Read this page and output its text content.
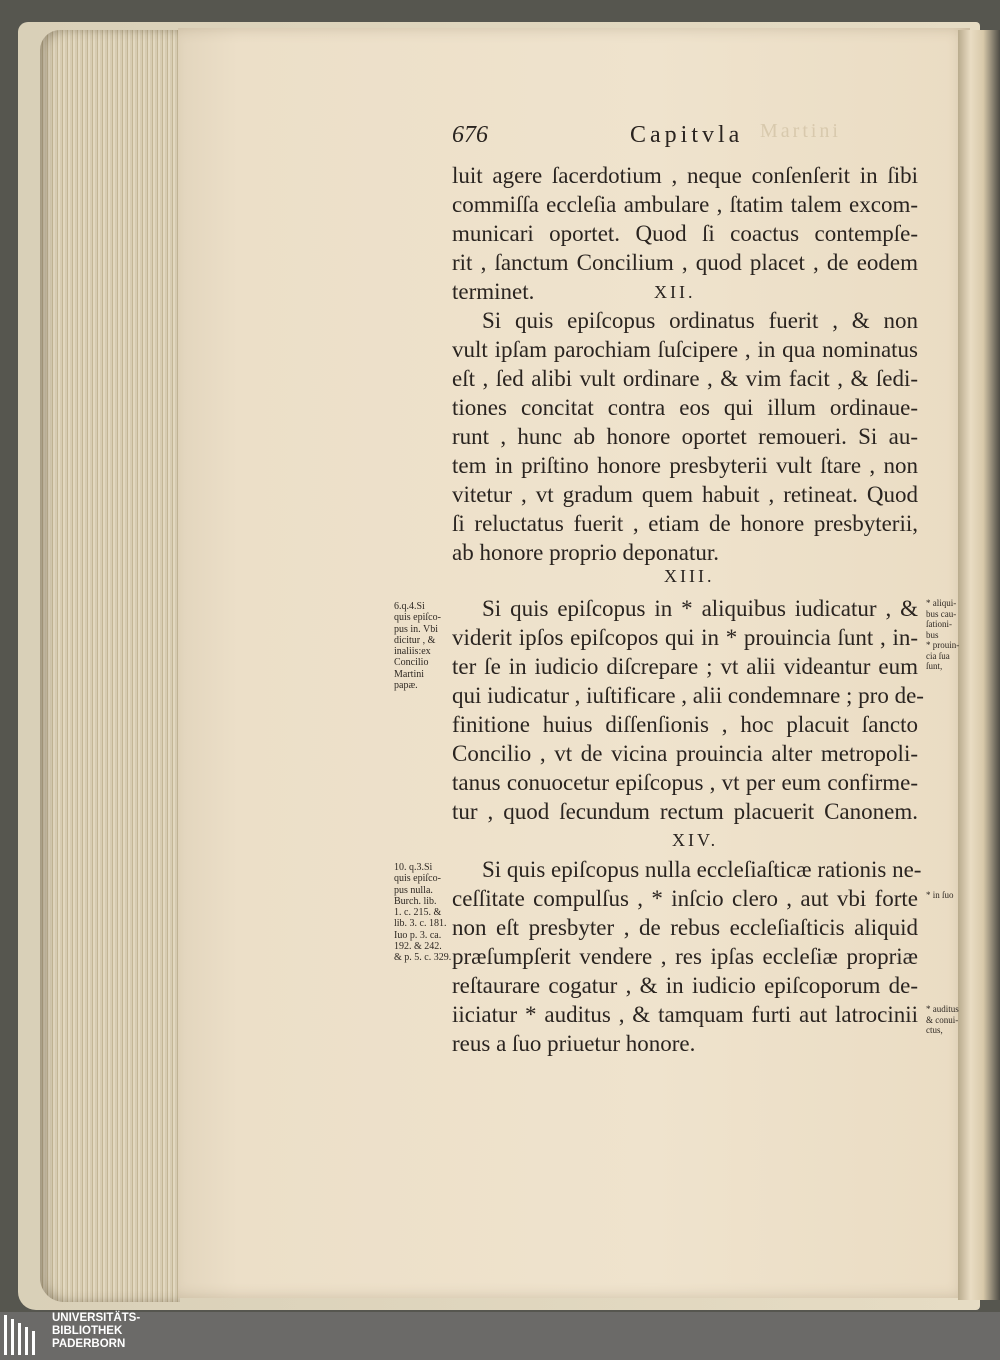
Martini
676	Capitvla
luit agere ſacerdotium , neque conſenſerit in ſibi
commiſſa eccleſia ambulare , ſtatim talem excom-
municari oportet. Quod ſi coactus contempſe-
rit , ſanctum Concilium , quod placet , de eodem
terminet.	XII.
Si quis epiſcopus ordinatus fuerit , & non
vult ipſam parochiam ſuſcipere , in qua nominatus
eſt , ſed alibi vult ordinare , & vim facit , & ſedi-
tiones concitat contra eos qui illum ordinaue-
runt , hunc ab honore oportet remoueri. Si au-
tem in priſtino honore presbyterii vult ſtare , non
vitetur , vt gradum quem habuit , retineat. Quod
ſi reluctatus fuerit , etiam de honore presbyterii,
ab honore proprio deponatur.
XIII.
Si quis epiſcopus in * aliquibus iudicatur , &
viderit ipſos epiſcopos qui in * prouincia ſunt , in-
ter ſe in iudicio diſcrepare ; vt alii videantur eum
qui iudicatur , iuſtificare , alii condemnare ; pro de-
finitione huius diſſenſionis , hoc placuit ſancto
Concilio , vt de vicina prouincia alter metropoli-
tanus conuocetur epiſcopus , vt per eum confirme-
tur , quod ſecundum rectum placuerit Canonem.
XIV.
Si quis epiſcopus nulla eccleſiaſticæ rationis ne-
ceſſitate compulſus , * inſcio clero , aut vbi forte
non eſt presbyter , de rebus eccleſiaſticis aliquid
præſumpſerit vendere , res ipſas eccleſiæ propriæ
reſtaurare cogatur , & in iudicio epiſcoporum de-
iiciatur * auditus , & tamquam furti aut latrocinii
reus a ſuo priuetur honore.
6.q.4.Si
quis epiſco-
pus in. Vbi
dicitur , &
inaliis:ex
Concilio
Martini
papæ.
10. q.3.Si
quis epiſco-
pus nulla.
Burch. lib.
1. c. 215. &
lib. 3. c. 181.
Iuo p. 3. ca.
192. & 242.
& p. 5. c. 329.
* aliqui-
bus cau-
ſationi-
bus
* prouin-
cia ſua
ſunt,
* in ſuo
* auditus
& conui-
ctus,
UNIVERSITÄTS-
BIBLIOTHEK
PADERBORN
